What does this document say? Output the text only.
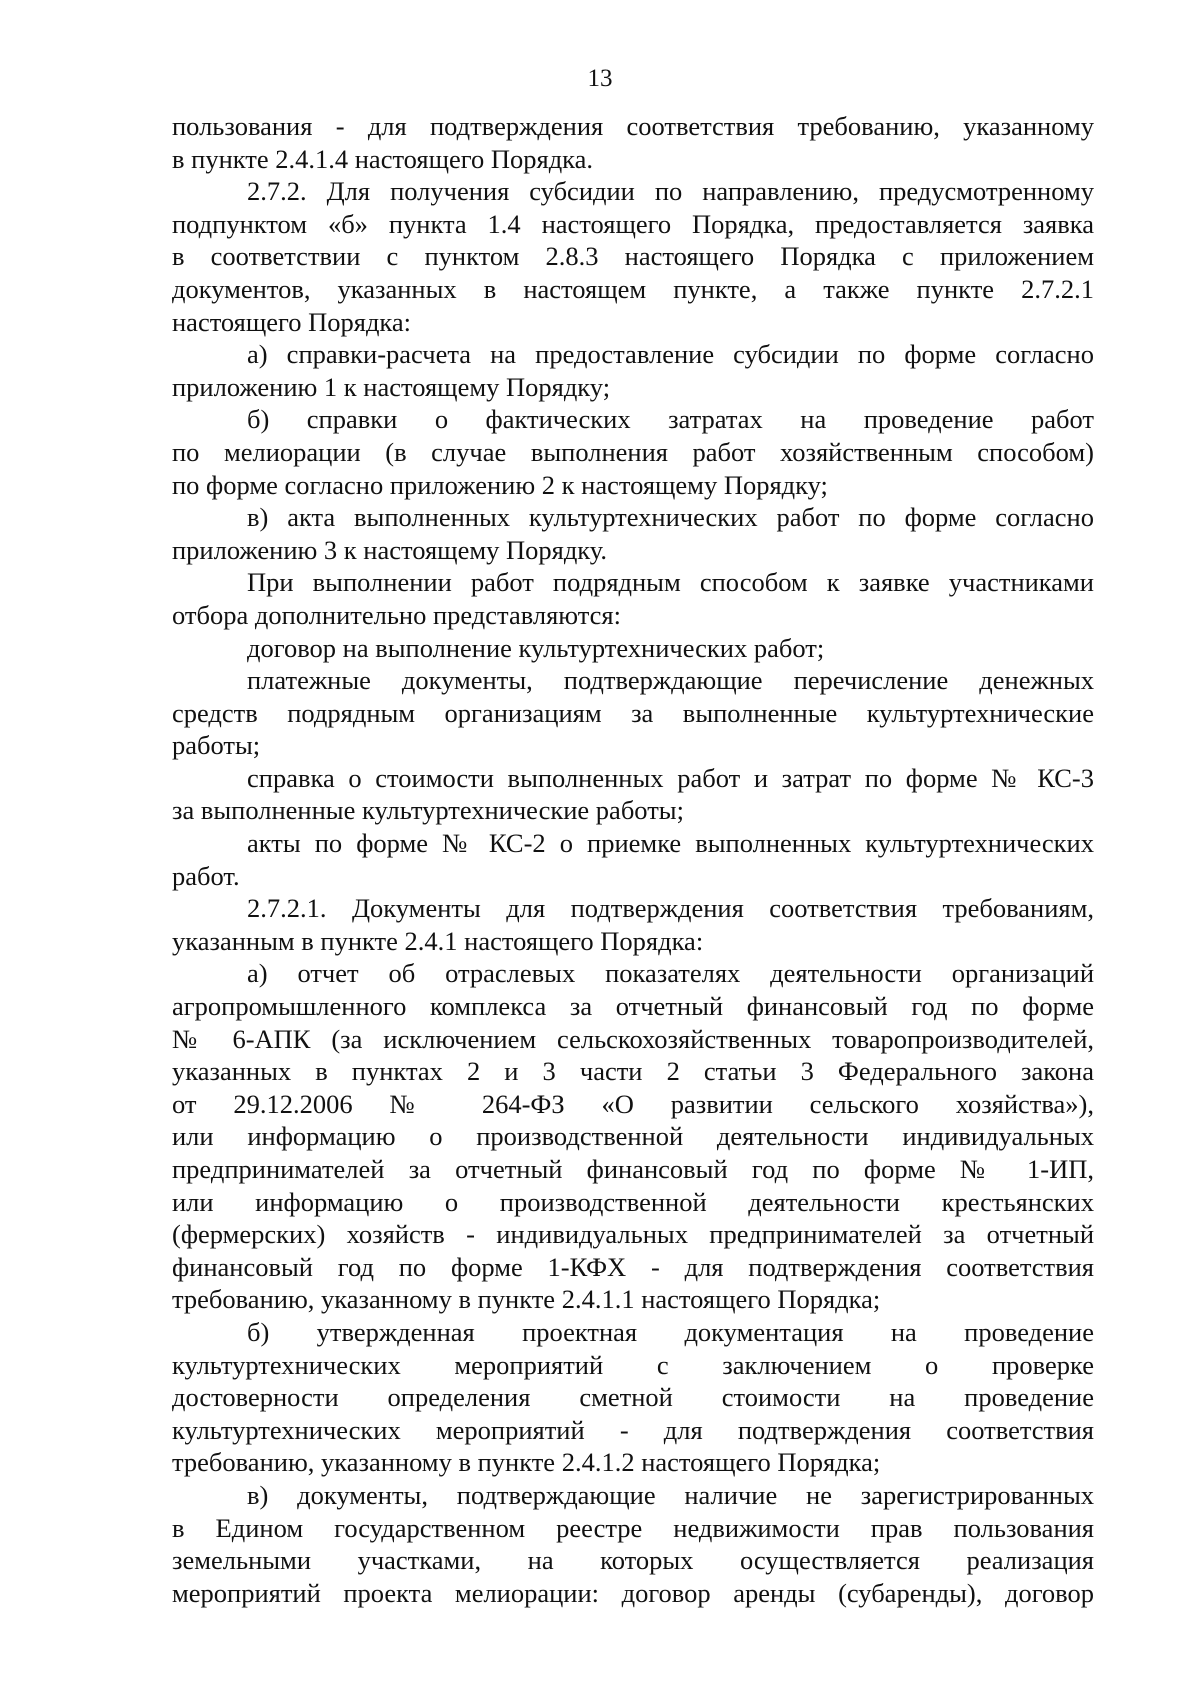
13
пользования - для подтверждения соответствия требованию, указанному
в пункте 2.4.1.4 настоящего Порядка.
2.7.2. Для получения субсидии по направлению, предусмотренному
подпунктом «б» пункта 1.4 настоящего Порядка, предоставляется заявка
в соответствии с пунктом 2.8.3 настоящего Порядка с приложением
документов, указанных в настоящем пункте, а также пункте 2.7.2.1
настоящего Порядка:
а) справки-расчета на предоставление субсидии по форме согласно
приложению 1 к настоящему Порядку;
б) справки о фактических затратах на проведение работ
по мелиорации (в случае выполнения работ хозяйственным способом)
по форме согласно приложению 2 к настоящему Порядку;
в) акта выполненных культуртехнических работ по форме согласно
приложению 3 к настоящему Порядку.
При выполнении работ подрядным способом к заявке участниками
отбора дополнительно представляются:
договор на выполнение культуртехнических работ;
платежные документы, подтверждающие перечисление денежных
средств подрядным организациям за выполненные культуртехнические
работы;
справка о стоимости выполненных работ и затрат по форме № КС-3
за выполненные культуртехнические работы;
акты по форме № КС-2 о приемке выполненных культуртехнических
работ.
2.7.2.1. Документы для подтверждения соответствия требованиям,
указанным в пункте 2.4.1 настоящего Порядка:
а) отчет об отраслевых показателях деятельности организаций
агропромышленного комплекса за отчетный финансовый год по форме
№ 6-АПК (за исключением сельскохозяйственных товаропроизводителей,
указанных в пунктах 2 и 3 части 2 статьи 3 Федерального закона
от 29.12.2006 № 264-ФЗ «О развитии сельского хозяйства»),
или информацию о производственной деятельности индивидуальных
предпринимателей за отчетный финансовый год по форме № 1-ИП,
или информацию о производственной деятельности крестьянских
(фермерских) хозяйств - индивидуальных предпринимателей за отчетный
финансовый год по форме 1-КФХ - для подтверждения соответствия
требованию, указанному в пункте 2.4.1.1 настоящего Порядка;
б) утвержденная проектная документация на проведение
культуртехнических мероприятий с заключением о проверке
достоверности определения сметной стоимости на проведение
культуртехнических мероприятий - для подтверждения соответствия
требованию, указанному в пункте 2.4.1.2 настоящего Порядка;
в) документы, подтверждающие наличие не зарегистрированных
в Едином государственном реестре недвижимости прав пользования
земельными участками, на которых осуществляется реализация
мероприятий проекта мелиорации: договор аренды (субаренды), договор
